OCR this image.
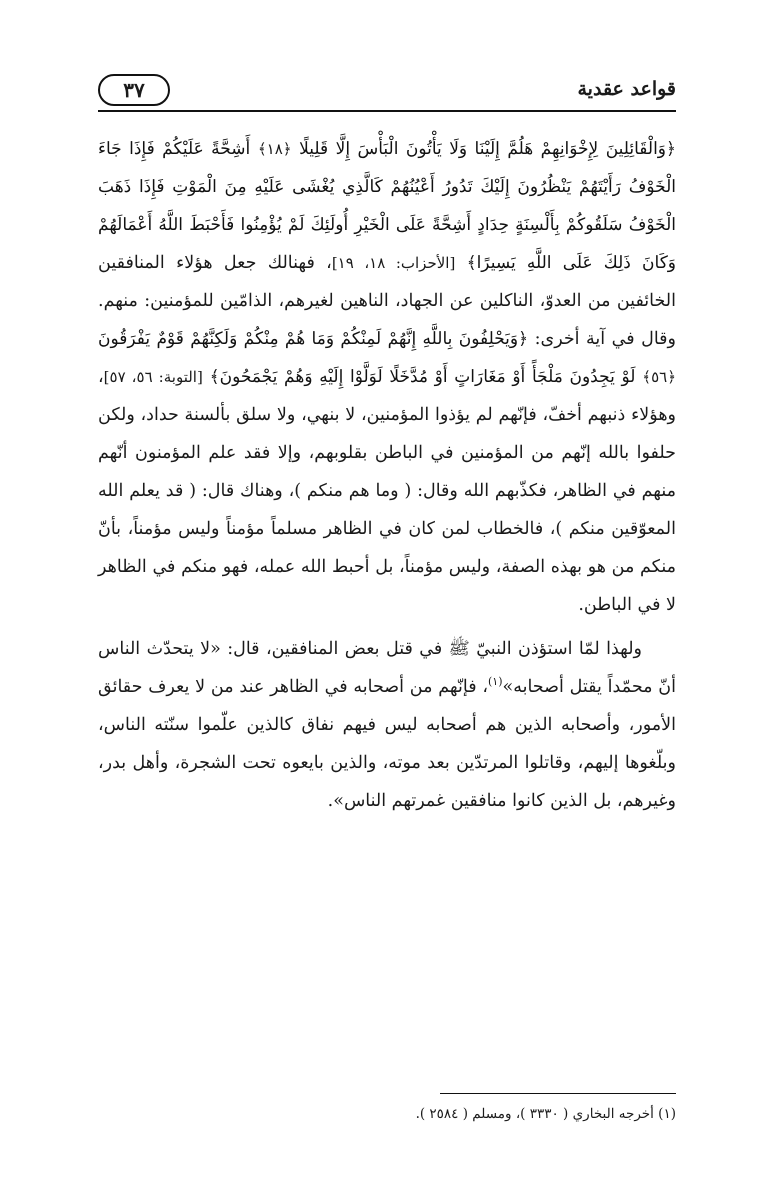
قواعد عقدية
٣٧

﴿وَالْقَائِلِينَ لِإِخْوَانِهِمْ هَلُمَّ إِلَيْنَا وَلَا يَأْتُونَ الْبَأْسَ إِلَّا قَلِيلًا ﴿١٨﴾ أَشِحَّةً عَلَيْكُمْ فَإِذَا جَاءَ الْخَوْفُ رَأَيْتَهُمْ يَنْظُرُونَ إِلَيْكَ تَدُورُ أَعْيُنُهُمْ كَالَّذِي يُغْشَى عَلَيْهِ مِنَ الْمَوْتِ فَإِذَا ذَهَبَ الْخَوْفُ سَلَقُوكُمْ بِأَلْسِنَةٍ حِدَادٍ أَشِحَّةً عَلَى الْخَيْرِ أُولَئِكَ لَمْ يُؤْمِنُوا فَأَحْبَطَ اللَّهُ أَعْمَالَهُمْ وَكَانَ ذَلِكَ عَلَى اللَّهِ يَسِيرًا﴾ [الأحزاب: ١٨، ١٩]، فهنالك جعل هؤلاء المنافقين الخائفين من العدوّ، الناكلين عن الجهاد، الناهين لغيرهم، الذامّين للمؤمنين: منهم. وقال في آية أخرى: ﴿وَيَحْلِفُونَ بِاللَّهِ إِنَّهُمْ لَمِنْكُمْ وَمَا هُمْ مِنْكُمْ وَلَكِنَّهُمْ قَوْمٌ يَفْرَقُونَ ﴿٥٦﴾ لَوْ يَجِدُونَ مَلْجَأً أَوْ مَغَارَاتٍ أَوْ مُدَّخَلًا لَوَلَّوْا إِلَيْهِ وَهُمْ يَجْمَحُونَ﴾ [التوبة: ٥٦، ٥٧]، وهؤلاء ذنبهم أخفّ، فإنّهم لم يؤذوا المؤمنين، لا بنهي، ولا سلق بألسنة حداد، ولكن حلفوا بالله إنّهم من المؤمنين في الباطن بقلوبهم، وإلا فقد علم المؤمنون أنّهم منهم في الظاهر، فكذّبهم الله وقال: ( وما هم منكم )، وهناك قال: ( قد يعلم الله المعوّقين منكم )، فالخطاب لمن كان في الظاهر مسلماً مؤمناً وليس مؤمناً، بأنّ منكم من هو بهذه الصفة، وليس مؤمناً، بل أحبط الله عمله، فهو منكم في الظاهر لا في الباطن.

ولهذا لمّا استؤذن النبيّ ﷺ في قتل بعض المنافقين، قال: «لا يتحدّث الناس أنّ محمّداً يقتل أصحابه»$^{(١)}$، فإنّهم من أصحابه في الظاهر عند من لا يعرف حقائق الأمور، وأصحابه الذين هم أصحابه ليس فيهم نفاق كالذين علّموا سنّته الناس، وبلّغوها إليهم، وقاتلوا المرتدّين بعد موته، والذين بايعوه تحت الشجرة، وأهل بدر، وغيرهم، بل الذين كانوا منافقين غمرتهم الناس».

(١) أخرجه البخاري ( ٣٣٣٠ )، ومسلم ( ٢٥٨٤ ).
